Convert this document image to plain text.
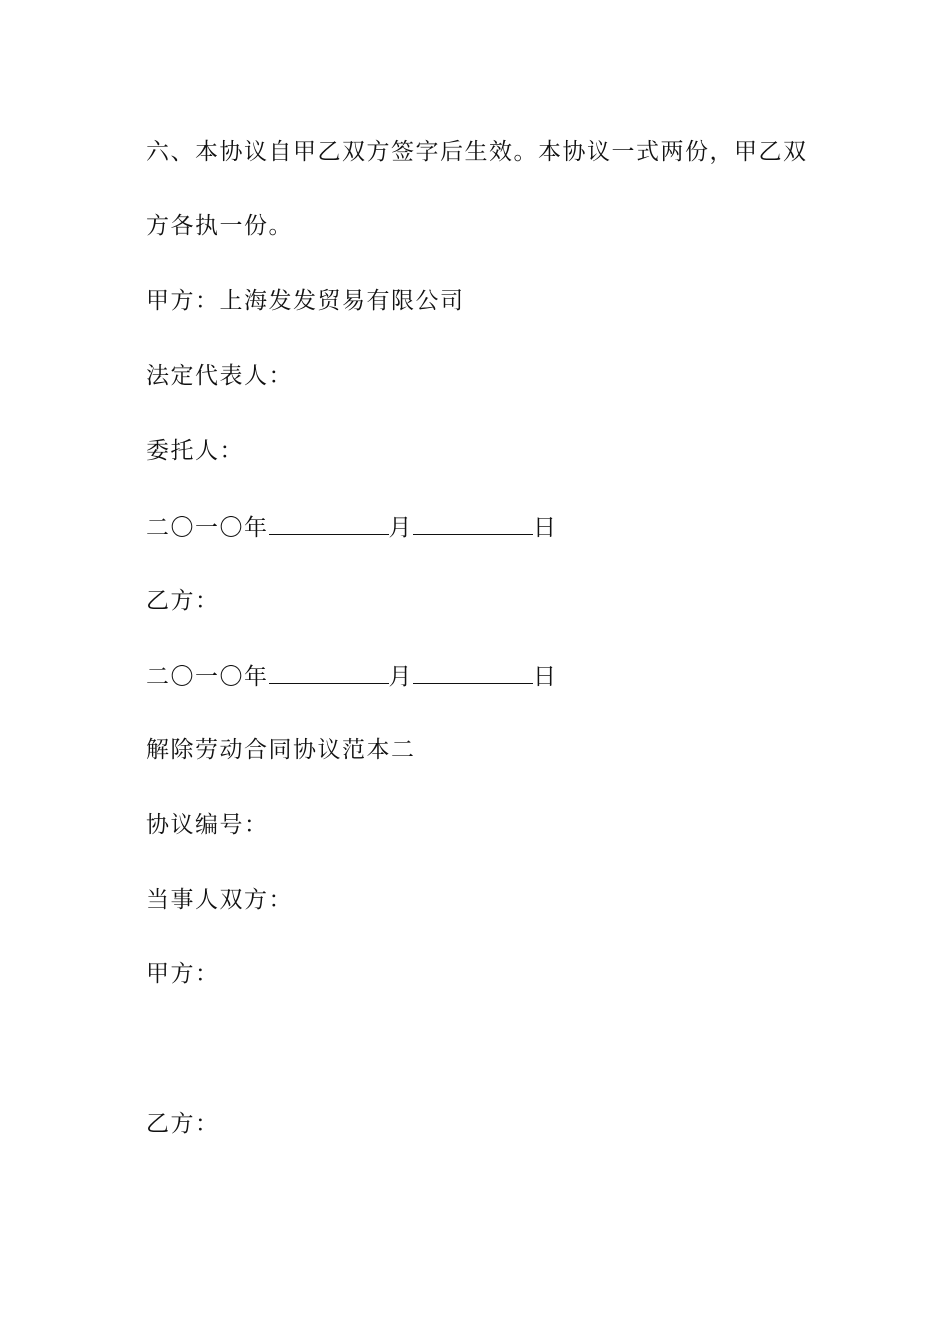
六、本协议自甲乙双方签字后生效。本协议一式两份，甲乙双
方各执一份。
甲方：上海发发贸易有限公司
法定代表人：
委托人：
二〇一〇年	月	日
乙方：
二〇一〇年	月	日
解除劳动合同协议范本二
协议编号：
当事人双方：
甲方：
乙方：
